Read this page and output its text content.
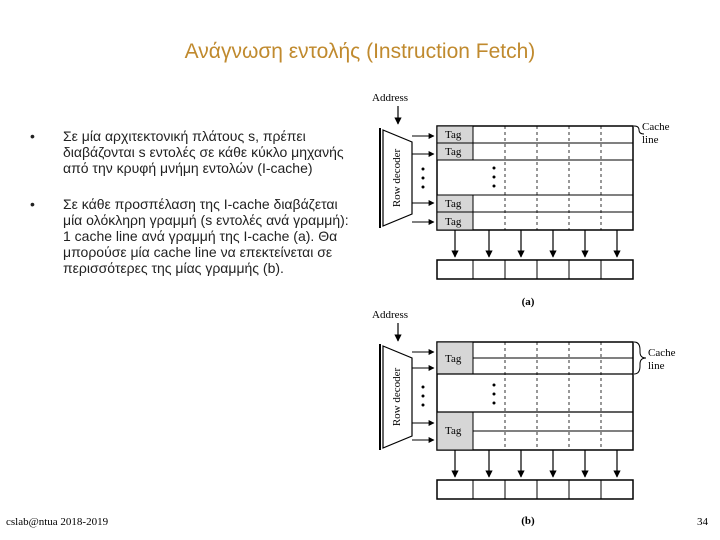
Ανάγνωση εντολής (Instruction Fetch)
• Σε μία αρχιτεκτονική πλάτους s, πρέπει διαβάζονται s εντολές σε κάθε κύκλο μηχανής από την κρυφή μνήμη εντολών (I-cache)
• Σε κάθε προσπέλαση της I-cache διαβάζεται μία ολόκληρη γραμμή (s εντολές ανά γραμμή): 1 cache line ανά γραμμή της I-cache (a). Θα μπορούσε μία cache line να επεκτείνεται σε περισσότερες της μίας γραμμής (b).
Address
Row decoder
Tag
Tag
Tag
Tag
Cache line
(a)
Address
Row decoder
Tag
Tag
Cache line
(b)
cslab@ntua 2018-2019	34
